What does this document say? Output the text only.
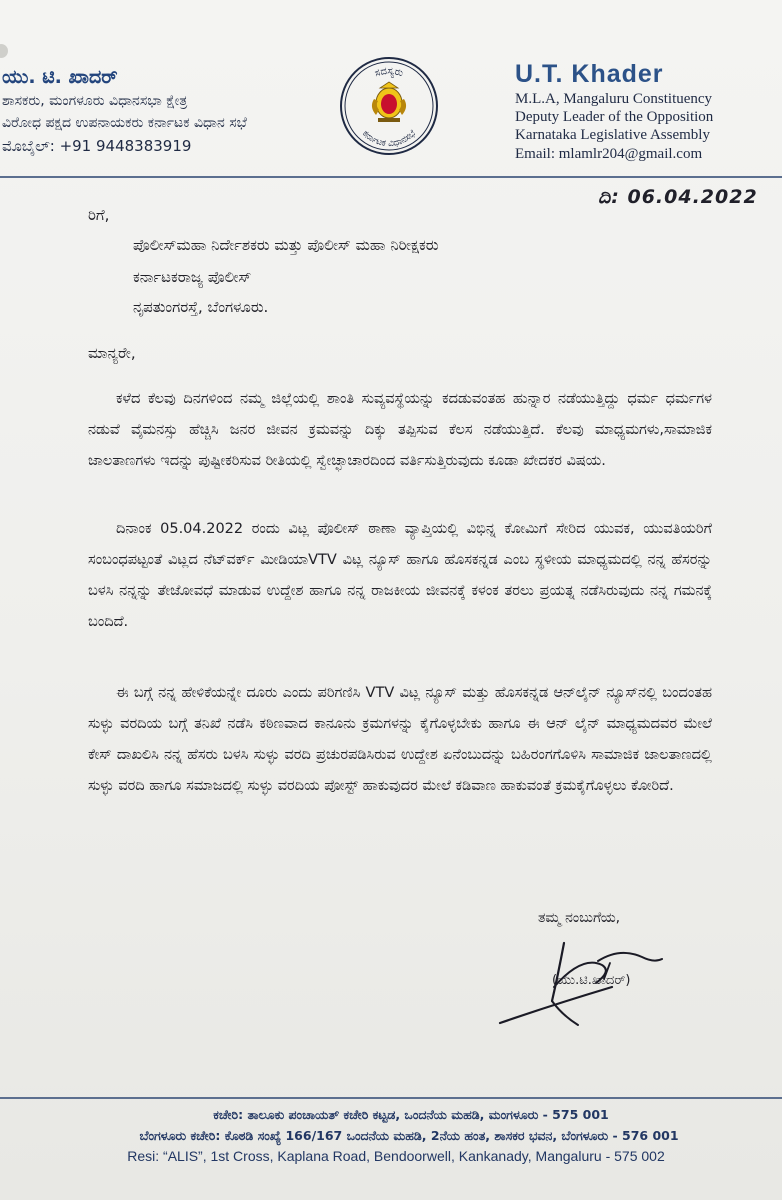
ಯು. ಟಿ. ಖಾದರ್
ಶಾಸಕರು, ಮಂಗಳೂರು ವಿಧಾನಸಭಾ ಕ್ಷೇತ್ರ
ವಿರೋಧ ಪಕ್ಷದ ಉಪನಾಯಕರು ಕರ್ನಾಟಕ ವಿಧಾನ ಸಭೆ
ಮೊಬೈಲ್: +91 9448383919
ಸದಸ್ಯರು
ಕರ್ನಾಟಕ ವಿಧಾನಸಭೆ
U.T. Khader
M.L.A, Mangaluru Constituency
Deputy Leader of the Opposition
Karnataka Legislative Assembly
Email: mlamlr204@gmail.com
ದಿ: 06.04.2022
ರಿಗೆ,
ಪೊಲೀಸ್‌ಮಹಾ ನಿರ್ದೇಶಕರು ಮತ್ತು ಪೊಲೀಸ್ ಮಹಾ ನಿರೀಕ್ಷಕರು
ಕರ್ನಾಟಕರಾಜ್ಯ ಪೊಲೀಸ್
ನೃಪತುಂಗರಸ್ತೆ, ಬೆಂಗಳೂರು.
ಮಾನ್ಯರೇ,
ಕಳೆದ ಕೆಲವು ದಿನಗಳಿಂದ ನಮ್ಮ ಜಿಲ್ಲೆಯಲ್ಲಿ ಶಾಂತಿ ಸುವ್ಯವಸ್ಥೆಯನ್ನು ಕದಡುವಂತಹ ಹುನ್ನಾರ ನಡೆಯುತ್ತಿದ್ದು ಧರ್ಮ ಧರ್ಮಗಳ ನಡುವೆ ವೈಮನಸ್ಸು ಹೆಚ್ಚಿಸಿ ಜನರ ಜೀವನ ಕ್ರಮವನ್ನು ದಿಕ್ಕು ತಪ್ಪಿಸುವ ಕೆಲಸ ನಡೆಯುತ್ತಿದೆ. ಕೆಲವು ಮಾಧ್ಯಮಗಳು,ಸಾಮಾಜಿಕ ಜಾಲತಾಣಗಳು ಇದನ್ನು ಪುಷ್ಟೀಕರಿಸುವ ರೀತಿಯಲ್ಲಿ ಸ್ವೇಚ್ಛಾಚಾರದಿಂದ ವರ್ತಿಸುತ್ತಿರುವುದು ಕೂಡಾ ಖೇದಕರ ವಿಷಯ.
ದಿನಾಂಕ 05.04.2022 ರಂದು ವಿಟ್ಲ ಪೊಲೀಸ್ ಠಾಣಾ ವ್ಯಾಪ್ತಿಯಲ್ಲಿ ವಿಭಿನ್ನ ಕೋಮಿಗೆ ಸೇರಿದ ಯುವಕ, ಯುವತಿಯರಿಗೆ ಸಂಬಂಧಪಟ್ಟಂತೆ ವಿಟ್ಲದ ನೆಟ್‌ವರ್ಕ್ ಮೀಡಿಯಾVTV ವಿಟ್ಲ ನ್ಯೂಸ್ ಹಾಗೂ ಹೊಸಕನ್ನಡ ಎಂಬ ಸ್ಥಳೀಯ ಮಾಧ್ಯಮದಲ್ಲಿ ನನ್ನ ಹೆಸರನ್ನು ಬಳಸಿ ನನ್ನನ್ನು ತೇಜೋವಧೆ ಮಾಡುವ ಉದ್ದೇಶ ಹಾಗೂ ನನ್ನ ರಾಜಕೀಯ ಜೀವನಕ್ಕೆ ಕಳಂಕ ತರಲು ಪ್ರಯತ್ನ ನಡೆಸಿರುವುದು ನನ್ನ ಗಮನಕ್ಕೆ ಬಂದಿದೆ.
ಈ ಬಗ್ಗೆ ನನ್ನ ಹೇಳಿಕೆಯನ್ನೇ ದೂರು ಎಂದು ಪರಿಗಣಿಸಿ VTV ವಿಟ್ಲ ನ್ಯೂಸ್ ಮತ್ತು ಹೊಸಕನ್ನಡ ಆನ್‌ಲೈನ್ ನ್ಯೂಸ್‌ನಲ್ಲಿ ಬಂದಂತಹ ಸುಳ್ಳು ವರದಿಯ ಬಗ್ಗೆ ತನಿಖೆ ನಡೆಸಿ ಕಠಿಣವಾದ ಕಾನೂನು ಕ್ರಮಗಳನ್ನು ಕೈಗೊಳ್ಳಬೇಕು ಹಾಗೂ ಈ ಆನ್ ಲೈನ್ ಮಾಧ್ಯಮದವರ ಮೇಲೆ ಕೇಸ್ ದಾಖಲಿಸಿ ನನ್ನ ಹೆಸರು ಬಳಸಿ ಸುಳ್ಳು ವರದಿ ಪ್ರಚುರಪಡಿಸಿರುವ ಉದ್ದೇಶ ಏನೆಂಬುದನ್ನು ಬಹಿರಂಗಗೊಳಿಸಿ ಸಾಮಾಜಿಕ ಜಾಲತಾಣದಲ್ಲಿ ಸುಳ್ಳು ವರದಿ ಹಾಗೂ ಸಮಾಜದಲ್ಲಿ ಸುಳ್ಳು ವರದಿಯ ಪೋಸ್ಟ್ ಹಾಕುವುದರ ಮೇಲೆ ಕಡಿವಾಣ ಹಾಕುವಂತೆ ಕ್ರಮಕೈಗೊಳ್ಳಲು ಕೋರಿದೆ.
ತಮ್ಮ ನಂಬುಗೆಯ,
(ಯು.ಟಿ.ಖಾದರ್)
ಕಚೇರಿ: ತಾಲೂಕು ಪಂಚಾಯತ್ ಕಚೇರಿ ಕಟ್ಟಡ, ಒಂದನೆಯ ಮಹಡಿ, ಮಂಗಳೂರು - 575 001
ಬೆಂಗಳೂರು ಕಚೇರಿ: ಕೊಠಡಿ ಸಂಖ್ಯೆ 166/167 ಒಂದನೆಯ ಮಹಡಿ, 2ನೆಯ ಹಂತ, ಶಾಸಕರ ಭವನ, ಬೆಂಗಳೂರು - 576 001
Resi: “ALIS”, 1st Cross, Kaplana Road, Bendoorwell, Kankanady, Mangaluru - 575 002
